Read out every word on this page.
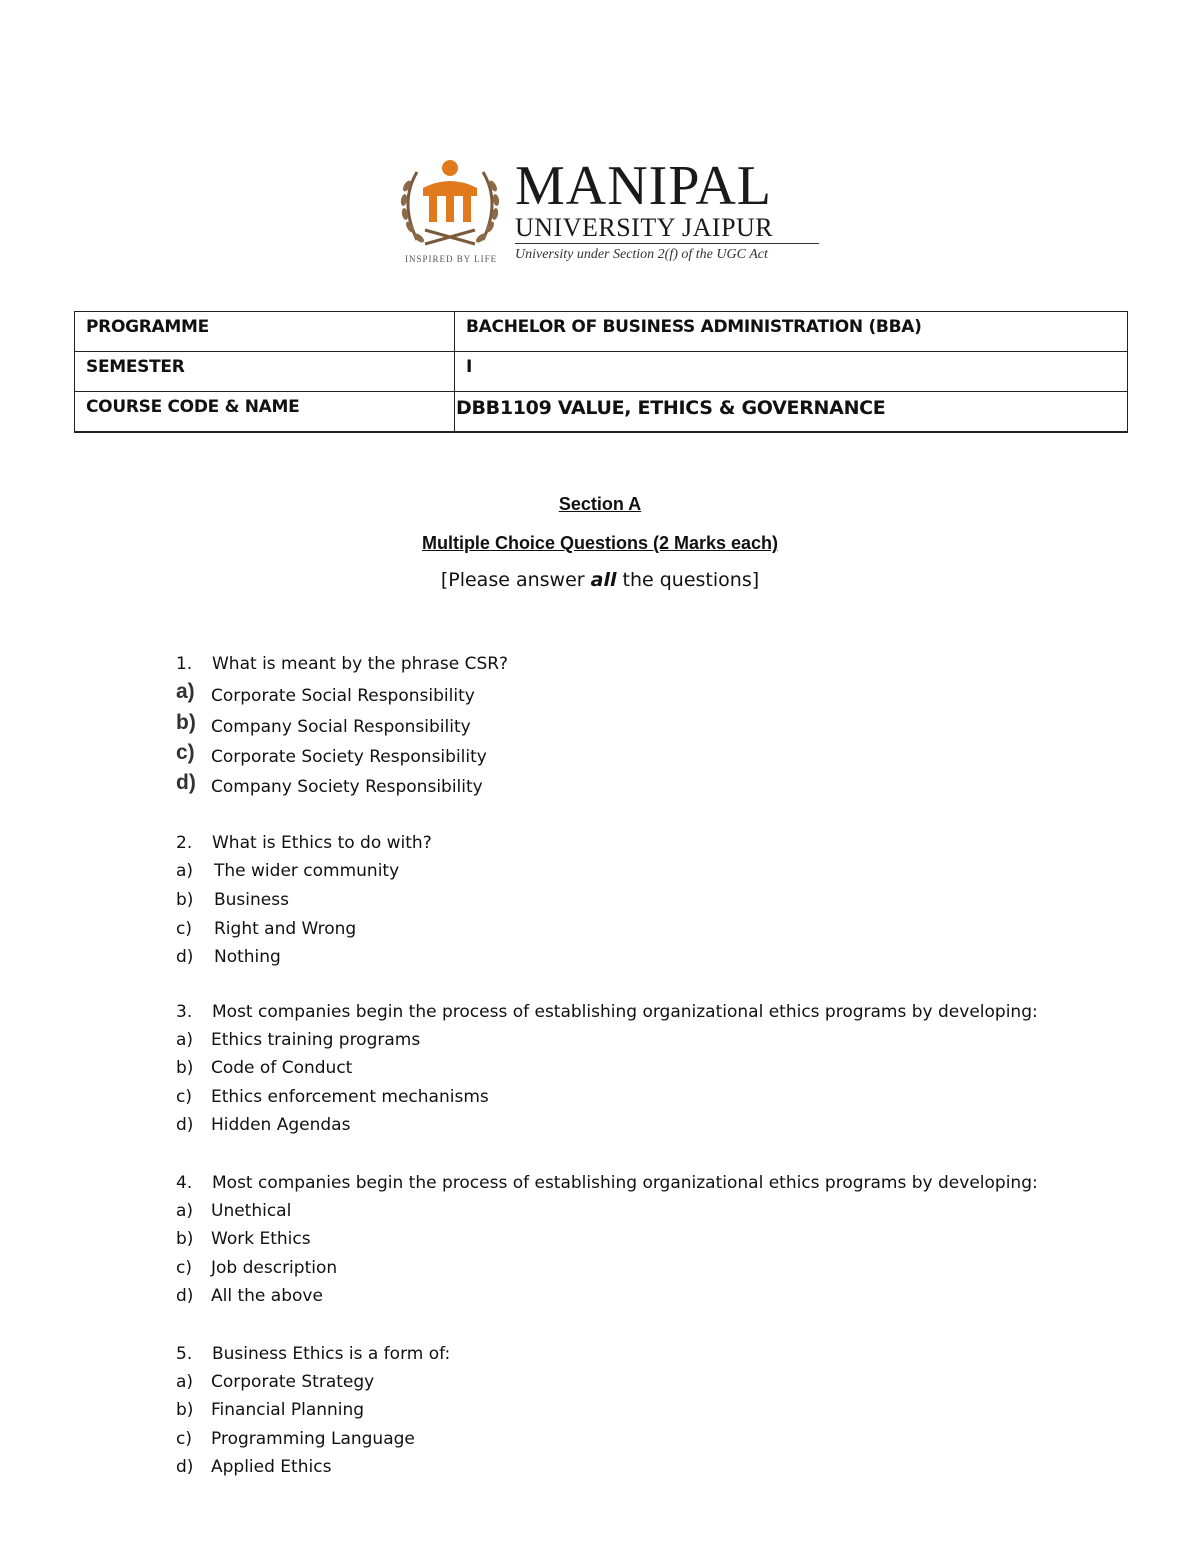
INSPIRED BY LIFE
MANIPAL
UNIVERSITY JAIPUR
University under Section 2(f) of the UGC Act
PROGRAMME	BACHELOR OF BUSINESS ADMINISTRATION (BBA)
SEMESTER	I
COURSE CODE & NAME	DBB1109 VALUE, ETHICS & GOVERNANCE
Section A
Multiple Choice Questions (2 Marks each)
[Please answer all the questions]
1. What is meant by the phrase CSR?
a) Corporate Social Responsibility
b) Company Social Responsibility
c) Corporate Society Responsibility
d) Company Society Responsibility
2. What is Ethics to do with?
a) The wider community
b) Business
c) Right and Wrong
d) Nothing
3. Most companies begin the process of establishing organizational ethics programs by developing:
a) Ethics training programs
b) Code of Conduct
c) Ethics enforcement mechanisms
d) Hidden Agendas
4. Most companies begin the process of establishing organizational ethics programs by developing:
a) Unethical
b) Work Ethics
c) Job description
d) All the above
5. Business Ethics is a form of:
a) Corporate Strategy
b) Financial Planning
c) Programming Language
d) Applied Ethics
